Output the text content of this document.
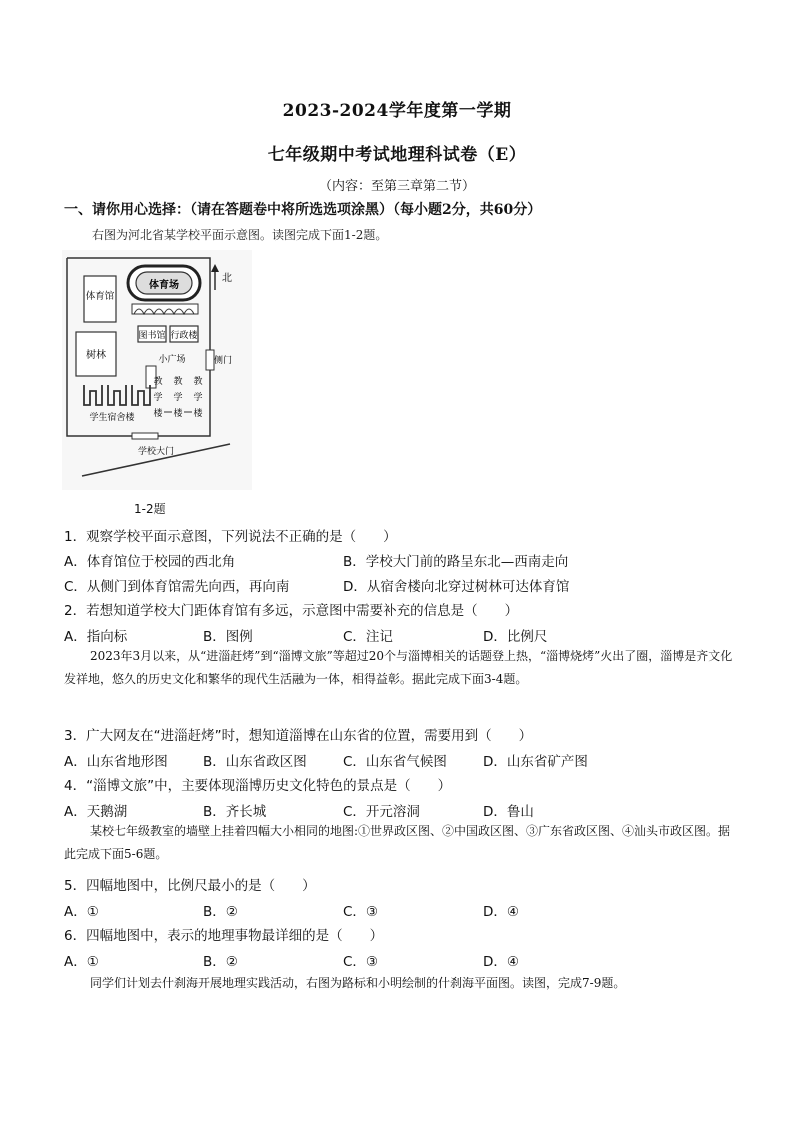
2023-2024学年度第一学期
七年级期中考试地理科试卷（E）
（内容：至第三章第二节）
一、请你用心选择：（请在答题卷中将所选选项涂黑）（每小题2分，共60分）
右图为河北省某学校平面示意图。读图完成下面1-2题。
体育场
体育馆
图书馆 行政楼
树林	小广场	侧门
教
学
楼
教
学
楼
教
学
楼
学生宿舍楼
学校大门
北
1-2题
1．观察学校平面示意图，下列说法不正确的是（　　）
A．体育馆位于校园的西北角	B．学校大门前的路呈东北—西南走向
C．从侧门到体育馆需先向西，再向南	D．从宿舍楼向北穿过树林可达体育馆
2．若想知道学校大门距体育馆有多远，示意图中需要补充的信息是（　　）
A．指向标	B．图例	C．注记	D．比例尺
2023年3月以来，从“进淄赶烤”到“淄博文旅”等超过20个与淄博相关的话题登上热，“淄博烧烤”火出了圈，淄博是齐文化发祥地，悠久的历史文化和繁华的现代生活融为一体，相得益彰。据此完成下面3-4题。
3．广大网友在“进淄赶烤”时，想知道淄博在山东省的位置，需要用到（　　）
A．山东省地形图	B．山东省政区图	C．山东省气候图	D．山东省矿产图
4．“淄博文旅”中，主要体现淄博历史文化特色的景点是（　　）
A．天鹅湖	B．齐长城	C．开元溶洞	D．鲁山
某校七年级教室的墙壁上挂着四幅大小相同的地图:①世界政区图、②中国政区图、③广东省政区图、④汕头市政区图。据此完成下面5-6题。
5．四幅地图中，比例尺最小的是（　　）
A．①	B．②	C．③	D．④
6．四幅地图中，表示的地理事物最详细的是（　　）
A．①	B．②	C．③	D．④
同学们计划去什刹海开展地理实践活动，右图为路标和小明绘制的什刹海平面图。读图，完成7-9题。
